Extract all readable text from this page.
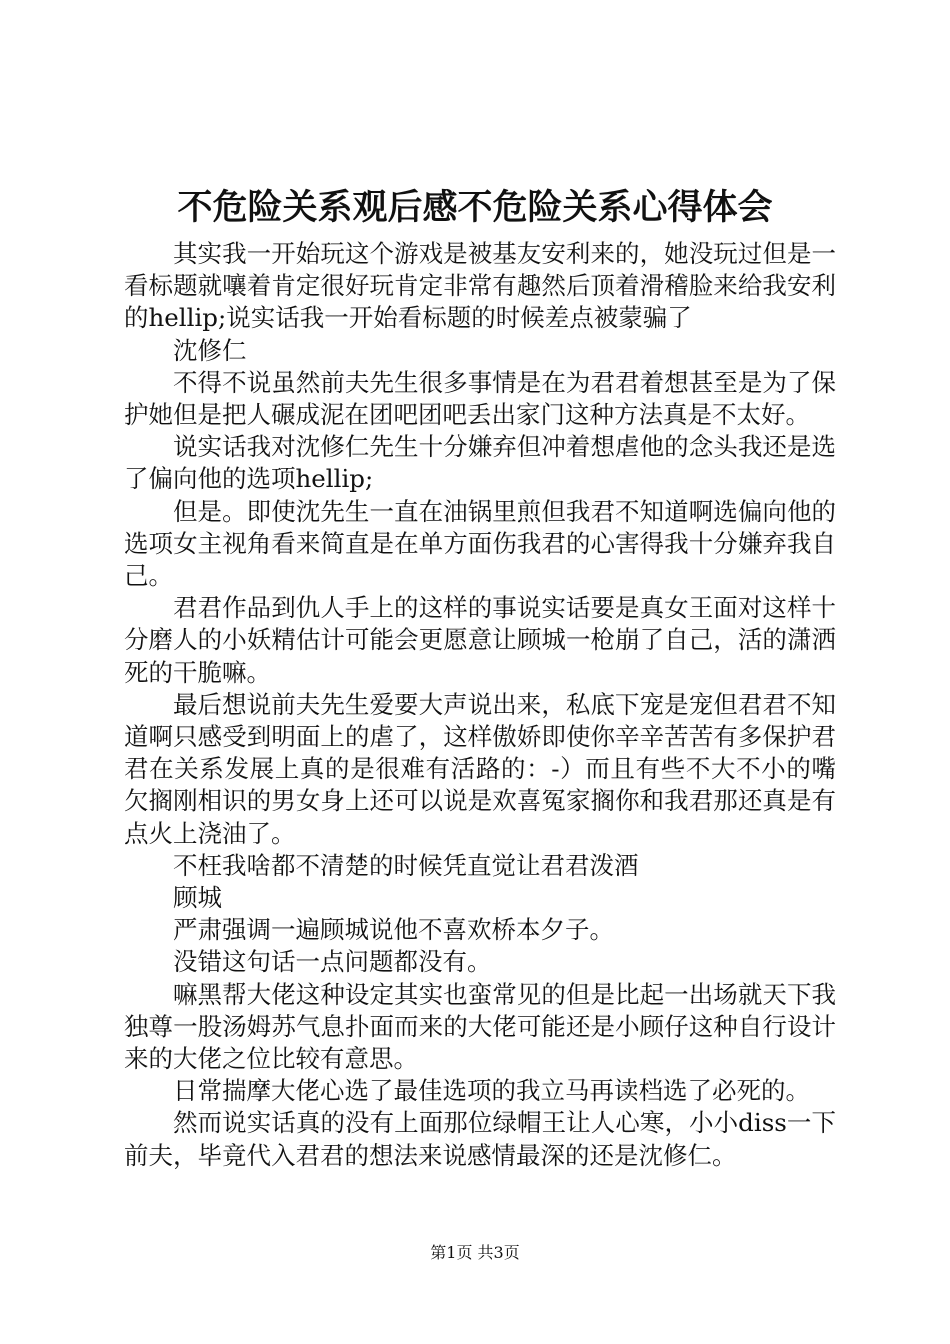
不危险关系观后感不危险关系心得体会

其实我一开始玩这个游戏是被基友安利来的，她没玩过但是一看标题就嚷着肯定很好玩肯定非常有趣然后顶着滑稽脸来给我安利的hellip;说实话我一开始看标题的时候差点被蒙骗了

沈修仁

不得不说虽然前夫先生很多事情是在为君君着想甚至是为了保护她但是把人碾成泥在团吧团吧丢出家门这种方法真是不太好。

说实话我对沈修仁先生十分嫌弃但冲着想虐他的念头我还是选了偏向他的选项hellip;

但是。即使沈先生一直在油锅里煎但我君不知道啊选偏向他的选项女主视角看来简直是在单方面伤我君的心害得我十分嫌弃我自己。

君君作品到仇人手上的这样的事说实话要是真女王面对这样十分磨人的小妖精估计可能会更愿意让顾城一枪崩了自己，活的潇洒死的干脆嘛。

最后想说前夫先生爱要大声说出来，私底下宠是宠但君君不知道啊只感受到明面上的虐了，这样傲娇即使你辛辛苦苦有多保护君君在关系发展上真的是很难有活路的：-）而且有些不大不小的嘴欠搁刚相识的男女身上还可以说是欢喜冤家搁你和我君那还真是有点火上浇油了。

不枉我啥都不清楚的时候凭直觉让君君泼酒

顾城

严肃强调一遍顾城说他不喜欢桥本夕子。

没错这句话一点问题都没有。

嘛黑帮大佬这种设定其实也蛮常见的但是比起一出场就天下我独尊一股汤姆苏气息扑面而来的大佬可能还是小顾仔这种自行设计来的大佬之位比较有意思。

日常揣摩大佬心选了最佳选项的我立马再读档选了必死的。

然而说实话真的没有上面那位绿帽王让人心寒，小小diss一下前夫，毕竟代入君君的想法来说感情最深的还是沈修仁。

第1页 共3页
